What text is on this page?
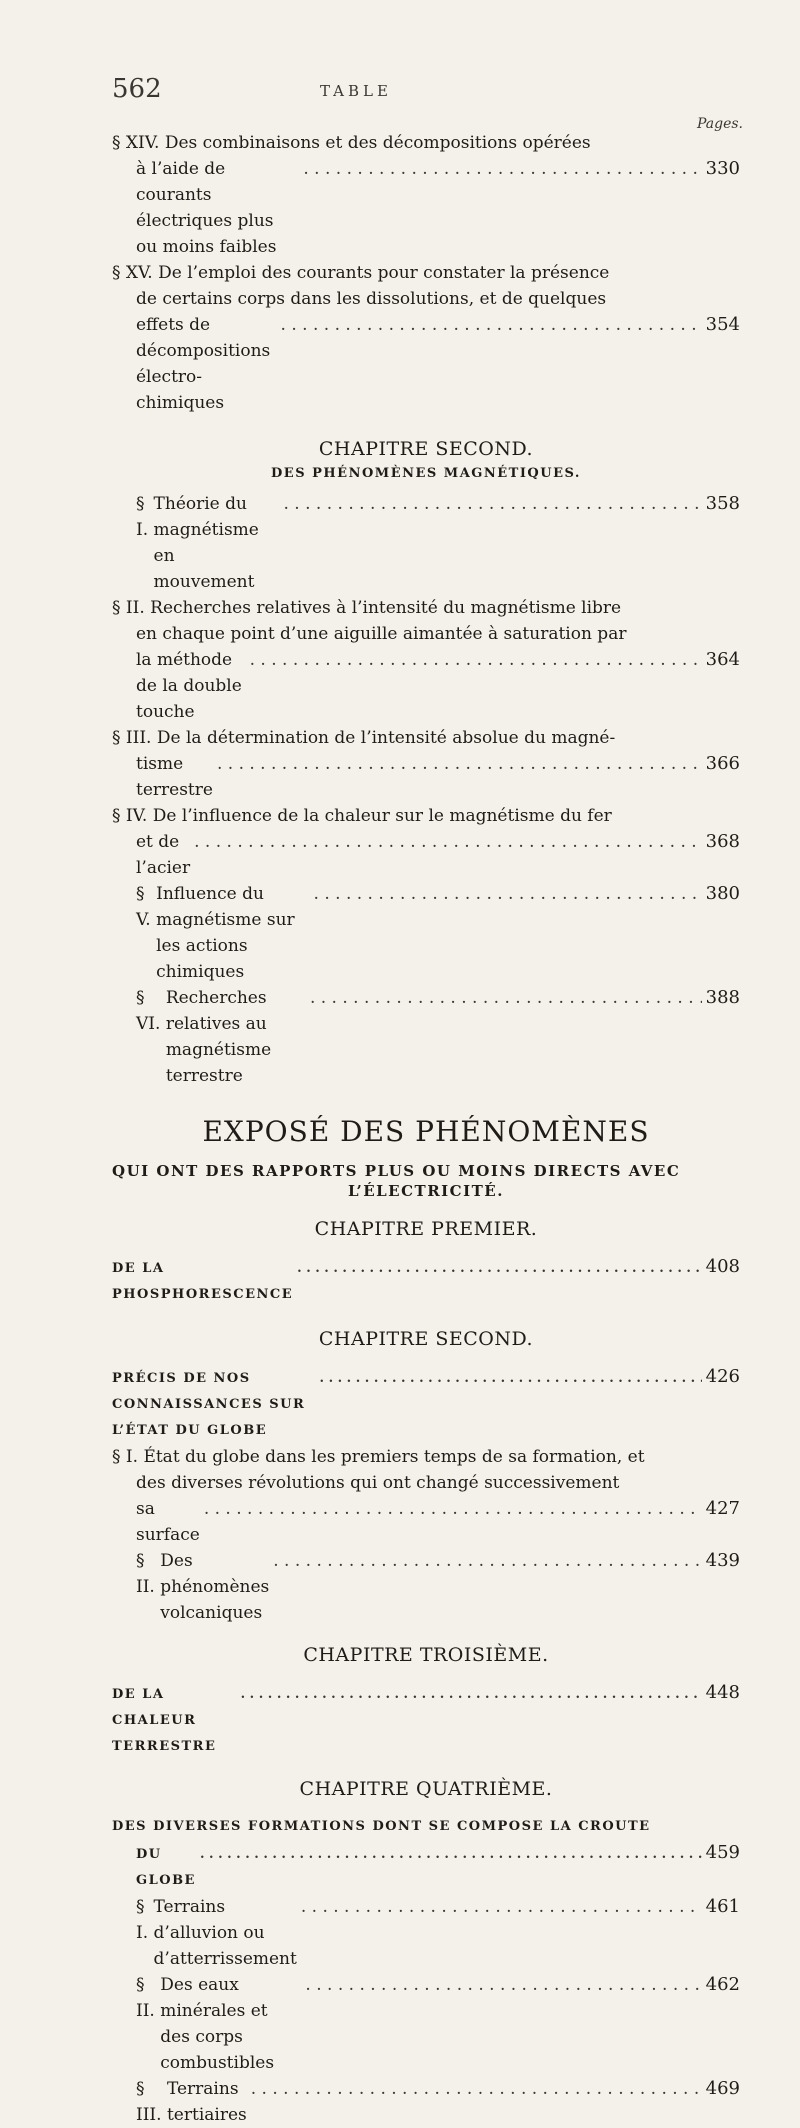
562	TABLE
Pages.
§ XIV. Des combinaisons et des décompositions opérées
à l’aide de courants électriques plus ou moins faibles
. . .
330
§ XV. De l’emploi des courants pour constater la présence
de certains corps dans les dissolutions, et de quelques
effets de décompositions électro-chimiques
. . .
354
CHAPITRE SECOND.
DES PHÉNOMÈNES MAGNÉTIQUES.
§ I.

Théorie du magnétisme en mouvement
. . .
358
§ II. Recherches relatives à l’intensité du magnétisme libre
en chaque point d’une aiguille aimantée à saturation par
la méthode de la double touche
. . .
364
§ III. De la détermination de l’intensité absolue du magné-
tisme terrestre
. . .
366
§ IV. De l’influence de la chaleur sur le magnétisme du fer
et de l’acier
. . .
368
§ V.

Influence du magnétisme sur les actions chimiques
. . .
380
§ VI.

Recherches relatives au magnétisme terrestre
. . .
388
EXPOSÉ DES PHÉNOMÈNES
QUI ONT DES RAPPORTS PLUS OU MOINS DIRECTS AVEC
L’ÉLECTRICITÉ.
CHAPITRE PREMIER.
DE LA PHOSPHORESCENCE
. . .
408
CHAPITRE SECOND.
PRÉCIS DE NOS CONNAISSANCES SUR L’ÉTAT DU GLOBE
. . .
426
§ I. État du globe dans les premiers temps de sa formation, et
des diverses révolutions qui ont changé successivement
sa surface
. . .
427
§ II.

Des phénomènes volcaniques
. . .
439
CHAPITRE TROISIÈME.
DE LA CHALEUR TERRESTRE
. . .
448
CHAPITRE QUATRIÈME.
DES DIVERSES FORMATIONS DONT SE COMPOSE LA CROUTE
DU GLOBE
. . .
459
§ I.

Terrains d’alluvion ou d’atterrissement
. . .
461
§ II.

Des eaux minérales et des corps combustibles
. . .
462
§ III.

Terrains tertiaires
. . .
469
